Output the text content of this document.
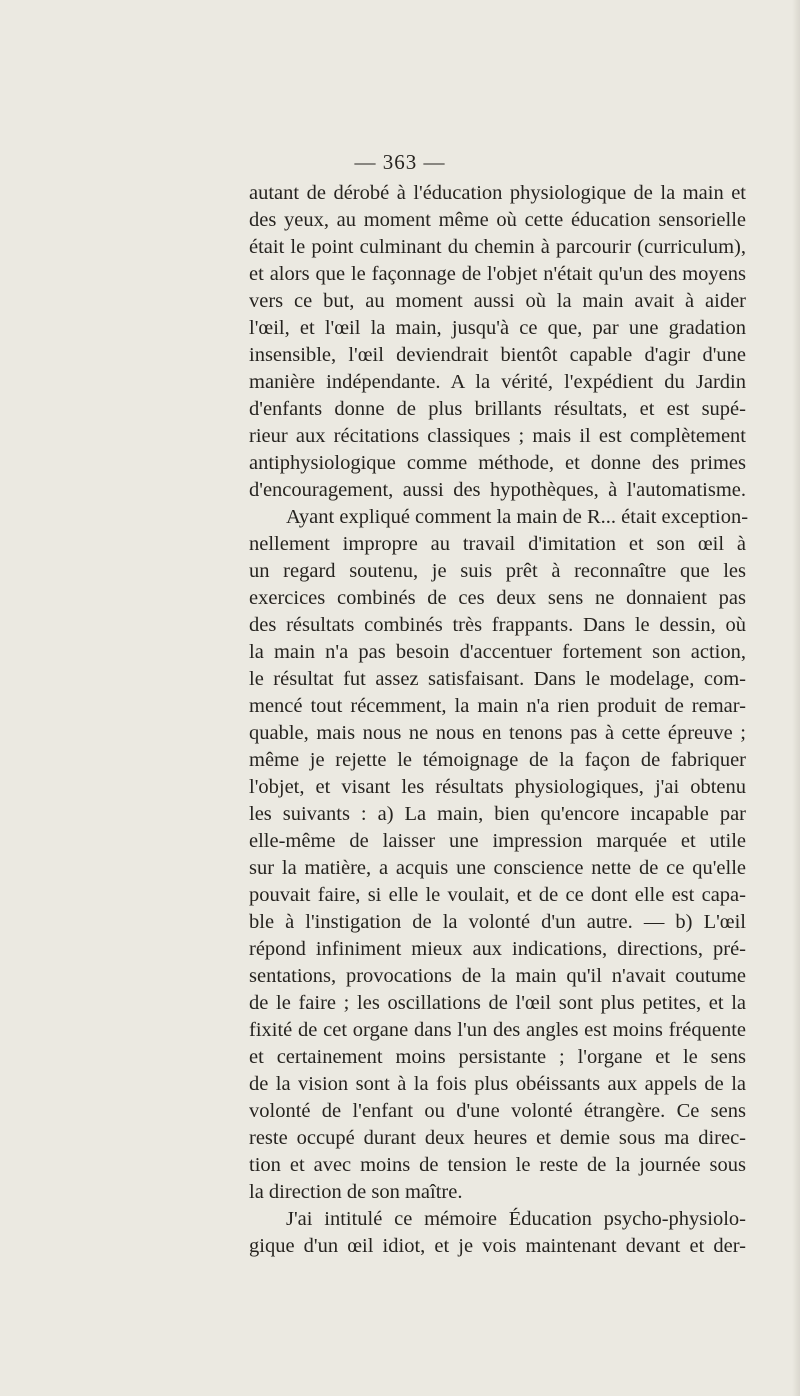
— 363 —
autant de dérobé à l'éducation physiologique de la main et
des yeux, au moment même où cette éducation sensorielle
était le point culminant du chemin à parcourir (curriculum),
et alors que le façonnage de l'objet n'était qu'un des moyens
vers ce but, au moment aussi où la main avait à aider
l'œil, et l'œil la main, jusqu'à ce que, par une gradation
insensible, l'œil deviendrait bientôt capable d'agir d'une
manière indépendante. A la vérité, l'expédient du Jardin
d'enfants donne de plus brillants résultats, et est supé-
rieur aux récitations classiques ; mais il est complètement
antiphysiologique comme méthode, et donne des primes
d'encouragement, aussi des hypothèques, à l'automatisme.
Ayant expliqué comment la main de R... était exception-
nellement impropre au travail d'imitation et son œil à
un regard soutenu, je suis prêt à reconnaître que les
exercices combinés de ces deux sens ne donnaient pas
des résultats combinés très frappants. Dans le dessin, où
la main n'a pas besoin d'accentuer fortement son action,
le résultat fut assez satisfaisant. Dans le modelage, com-
mencé tout récemment, la main n'a rien produit de remar-
quable, mais nous ne nous en tenons pas à cette épreuve ;
même je rejette le témoignage de la façon de fabriquer
l'objet, et visant les résultats physiologiques, j'ai obtenu
les suivants : a) La main, bien qu'encore incapable par
elle-même de laisser une impression marquée et utile
sur la matière, a acquis une conscience nette de ce qu'elle
pouvait faire, si elle le voulait, et de ce dont elle est capa-
ble à l'instigation de la volonté d'un autre. — b) L'œil
répond infiniment mieux aux indications, directions, pré-
sentations, provocations de la main qu'il n'avait coutume
de le faire ; les oscillations de l'œil sont plus petites, et la
fixité de cet organe dans l'un des angles est moins fréquente
et certainement moins persistante ; l'organe et le sens
de la vision sont à la fois plus obéissants aux appels de la
volonté de l'enfant ou d'une volonté étrangère. Ce sens
reste occupé durant deux heures et demie sous ma direc-
tion et avec moins de tension le reste de la journée sous
la direction de son maître.
J'ai intitulé ce mémoire Éducation psycho-physiolo-
gique d'un œil idiot, et je vois maintenant devant et der-
